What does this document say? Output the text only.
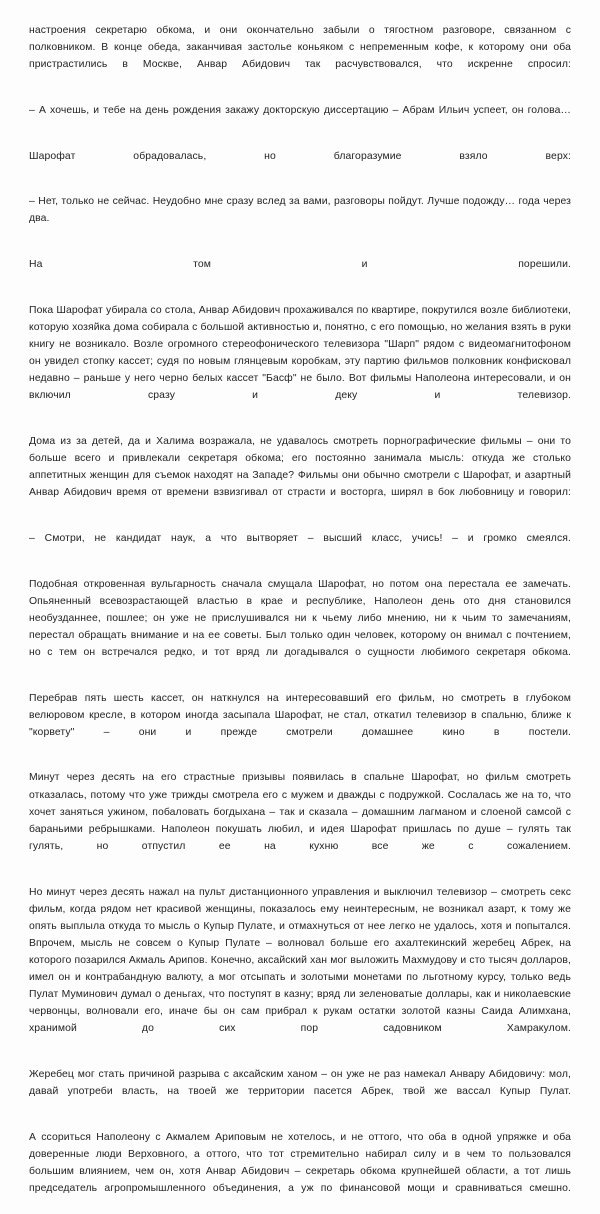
настроения секретарю обкома, и они окончательно забыли о тягостном разговоре, связанном с полковником. В конце обеда, заканчивая застолье коньяком с непременным кофе, к которому они оба пристрастились в Москве, Анвар Абидович так расчувствовался, что искренне спросил:

– А хочешь, и тебе на день рождения закажу докторскую диссертацию – Абрам Ильич успеет, он голова…

Шарофат обрадовалась, но благоразумие взяло верх:

– Нет, только не сейчас. Неудобно мне сразу вслед за вами, разговоры пойдут. Лучше подожду… года через два.

На том и порешили.

Пока Шарофат убирала со стола, Анвар Абидович прохаживался по квартире, покрутился возле библиотеки, которую хозяйка дома собирала с большой активностью и, понятно, с его помощью, но желания взять в руки книгу не возникало. Возле огромного стереофонического телевизора "Шарп" рядом с видеомагнитофоном он увидел стопку кассет; судя по новым глянцевым коробкам, эту партию фильмов полковник конфисковал недавно – раньше у него черно белых кассет "Басф" не было. Вот фильмы Наполеона интересовали, и он включил сразу и деку и телевизор.

Дома из за детей, да и Халима возражала, не удавалось смотреть порнографические фильмы – они то больше всего и привлекали секретаря обкома; его постоянно занимала мысль: откуда же столько аппетитных женщин для съемок находят на Западе? Фильмы они обычно смотрели с Шарофат, и азартный Анвар Абидович время от времени взвизгивал от страсти и восторга, ширял в бок любовницу и говорил:

– Смотри, не кандидат наук, а что вытворяет – высший класс, учись! – и громко смеялся.

Подобная откровенная вульгарность сначала смущала Шарофат, но потом она перестала ее замечать. Опьяненный всевозрастающей властью в крае и республике, Наполеон день ото дня становился необузданнее, пошлее; он уже не прислушивался ни к чьему либо мнению, ни к чьим то замечаниям, перестал обращать внимание и на ее советы. Был только один человек, которому он внимал с почтением, но с тем он встречался редко, и тот вряд ли догадывался о сущности любимого секретаря обкома.

Перебрав пять шесть кассет, он наткнулся на интересовавший его фильм, но смотреть в глубоком велюровом кресле, в котором иногда засыпала Шарофат, не стал, откатил телевизор в спальню, ближе к "корвету" – они и прежде смотрели домашнее кино в постели.

Минут через десять на его страстные призывы появилась в спальне Шарофат, но фильм смотреть отказалась, потому что уже трижды смотрела его с мужем и дважды с подружкой. Сослалась же на то, что хочет заняться ужином, побаловать богдыхана – так и сказала – домашним лагманом и слоеной самсой с бараньими ребрышками. Наполеон покушать любил, и идея Шарофат пришлась по душе – гулять так гулять, но отпустил ее на кухню все же с сожалением.

Но минут через десять нажал на пульт дистанционного управления и выключил телевизор – смотреть секс фильм, когда рядом нет красивой женщины, показалось ему неинтересным, не возникал азарт, к тому же опять выплыла откуда то мысль о Купыр Пулате, и отмахнуться от нее легко не удалось, хотя и попытался. Впрочем, мысль не совсем о Купыр Пулате – волновал больше его ахалтекинский жеребец Абрек, на которого позарился Акмаль Арипов. Конечно, аксайский хан мог выложить Махмудову и сто тысяч долларов, имел он и контрабандную валюту, а мог отсыпать и золотыми монетами по льготному курсу, только ведь Пулат Муминович думал о деньгах, что поступят в казну; вряд ли зеленоватые доллары, как и николаевские червонцы, волновали его, иначе бы он сам прибрал к рукам остатки золотой казны Саида Алимхана, хранимой до сих пор садовником Хамракулом.

Жеребец мог стать причиной разрыва с аксайским ханом – он уже не раз намекал Анвару Абидовичу: мол, давай употреби власть, на твоей же территории пасется Абрек, твой же вассал Купыр Пулат.

А ссориться Наполеону с Акмалем Ариповым не хотелось, и не оттого, что оба в одной упряжке и оба доверенные люди Верховного, а оттого, что тот стремительно набирал силу и в чем то пользовался большим влиянием, чем он, хотя Анвар Абидович – секретарь обкома крупнейшей области, а тот лишь председатель агропромышленного объединения, а уж по финансовой мощи и сравниваться смешно.
